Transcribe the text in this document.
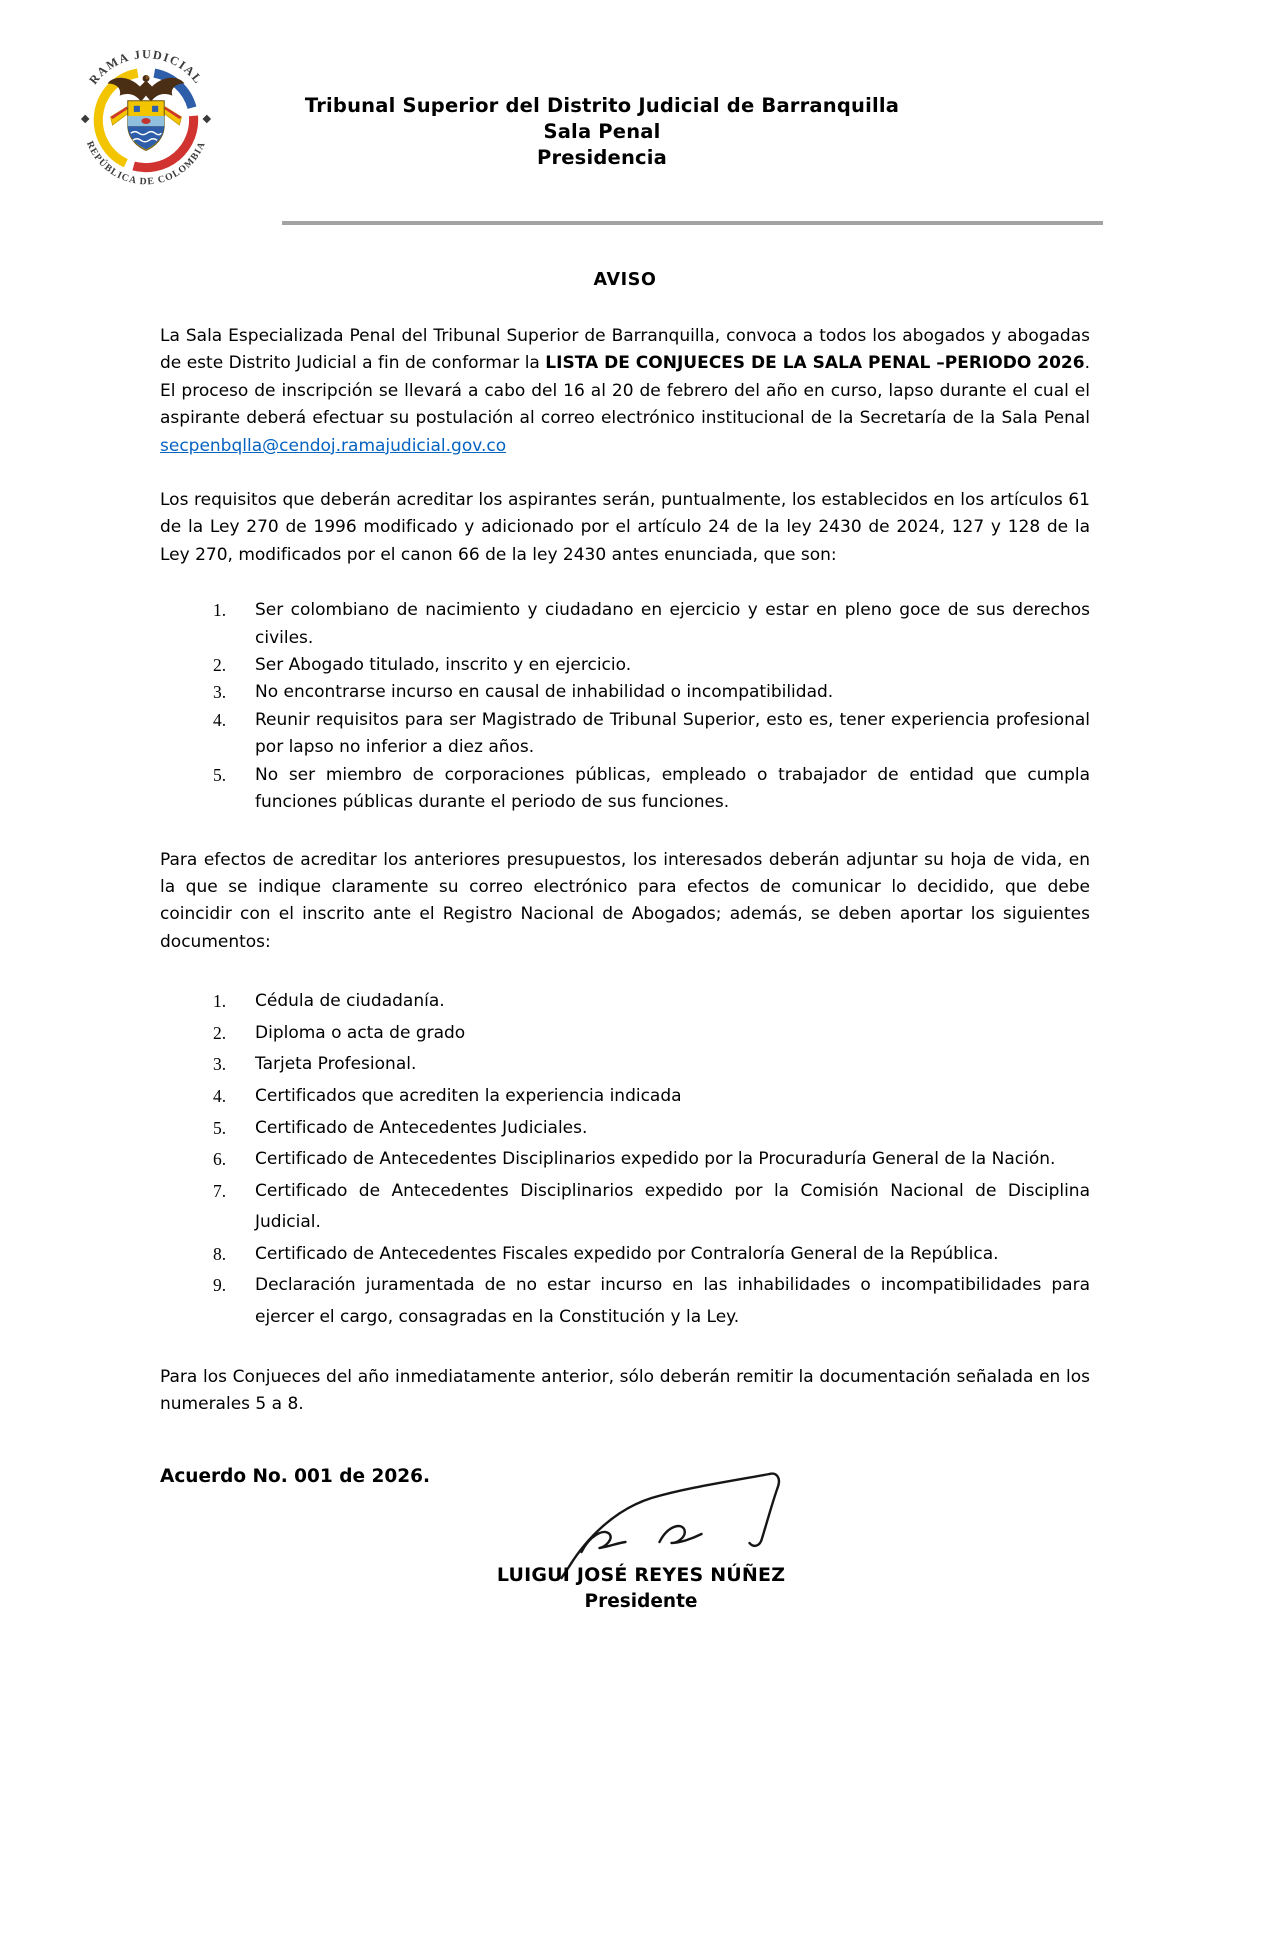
RAMA JUDICIAL
REPÚBLICA DE COLOMBIA
Tribunal Superior del Distrito Judicial de Barranquilla
Sala Penal
Presidencia
AVISO

La Sala Especializada Penal del Tribunal Superior de Barranquilla, convoca a todos los abogados y abogadas de este Distrito Judicial a fin de conformar la LISTA DE CONJUECES DE LA SALA PENAL –PERIODO 2026. El proceso de inscripción se llevará a cabo del 16 al 20 de febrero del año en curso, lapso durante el cual el aspirante deberá efectuar su postulación al correo electrónico institucional de la Secretaría de la Sala Penal

secpenbqlla@cendoj.ramajudicial.gov.co

Los requisitos que deberán acreditar los aspirantes serán, puntualmente, los establecidos en los artículos 61 de la Ley 270 de 1996 modificado y adicionado por el artículo 24 de la ley 2430 de 2024, 127 y 128 de la Ley 270, modificados por el canon 66 de la ley 2430 antes enunciada, que son:

Ser colombiano de nacimiento y ciudadano en ejercicio y estar en pleno goce de sus derechos civiles.
Ser Abogado titulado, inscrito y en ejercicio.
No encontrarse incurso en causal de inhabilidad o incompatibilidad.
Reunir requisitos para ser Magistrado de Tribunal Superior, esto es, tener experiencia profesional por lapso no inferior a diez años.
No ser miembro de corporaciones públicas, empleado o trabajador de entidad que cumpla funciones públicas durante el periodo de sus funciones.

Para efectos de acreditar los anteriores presupuestos, los interesados deberán adjuntar su hoja de vida, en la que se indique claramente su correo electrónico para efectos de comunicar lo decidido, que debe coincidir con el inscrito ante el Registro Nacional de Abogados; además, se deben aportar los siguientes documentos:

Cédula de ciudadanía.
Diploma o acta de grado
Tarjeta Profesional.
Certificados que acrediten la experiencia indicada
Certificado de Antecedentes Judiciales.
Certificado de Antecedentes Disciplinarios expedido por la Procuraduría General de la Nación.
Certificado de Antecedentes Disciplinarios expedido por la Comisión Nacional de Disciplina Judicial.
Certificado de Antecedentes Fiscales expedido por Contraloría General de la República.
Declaración juramentada de no estar incurso en las inhabilidades o incompatibilidades para ejercer el cargo, consagradas en la Constitución y la Ley.

Para los Conjueces del año inmediatamente anterior, sólo deberán remitir la documentación señalada en los numerales 5 a 8.

Acuerdo No. 001 de 2026.
LUIGUI JOSÉ REYES NÚÑEZ
Presidente
